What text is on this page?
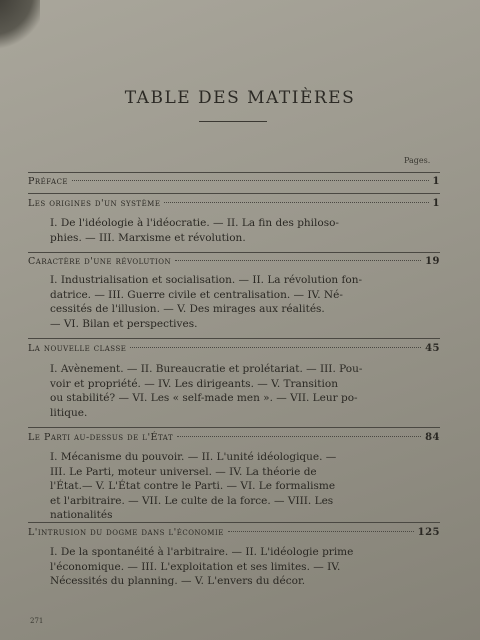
TABLE DES MATIÈRES
Pages.
Préface	1
Les origines d'un système	1
I. De l'idéologie à l'idéocratie. — II. La fin des philoso-
phies. — III. Marxisme et révolution.
Caractère d'une révolution	19
I. Industrialisation et socialisation. — II. La révolution fon-
datrice. — III. Guerre civile et centralisation. — IV. Né-
cessités de l'illusion. — V. Des mirages aux réalités.
— VI. Bilan et perspectives.
La nouvelle classe	45
I. Avènement. — II. Bureaucratie et prolétariat. — III. Pou-
voir et propriété. — IV. Les dirigeants. — V. Transition
ou stabilité? — VI. Les « self-made men ». — VII. Leur po-
litique.
Le Parti au-dessus de l'État	84
I. Mécanisme du pouvoir. — II. L'unité idéologique. —
III. Le Parti, moteur universel. — IV. La théorie de
l'État.— V. L'État contre le Parti. — VI. Le formalisme
et l'arbitraire. — VII. Le culte de la force. — VIII. Les
nationalités
L'intrusion du dogme dans l'économie	125
I. De la spontanéité à l'arbitraire. — II. L'idéologie prime
l'économique. — III. L'exploitation et ses limites. — IV.
Nécessités du planning. — V. L'envers du décor.
271
